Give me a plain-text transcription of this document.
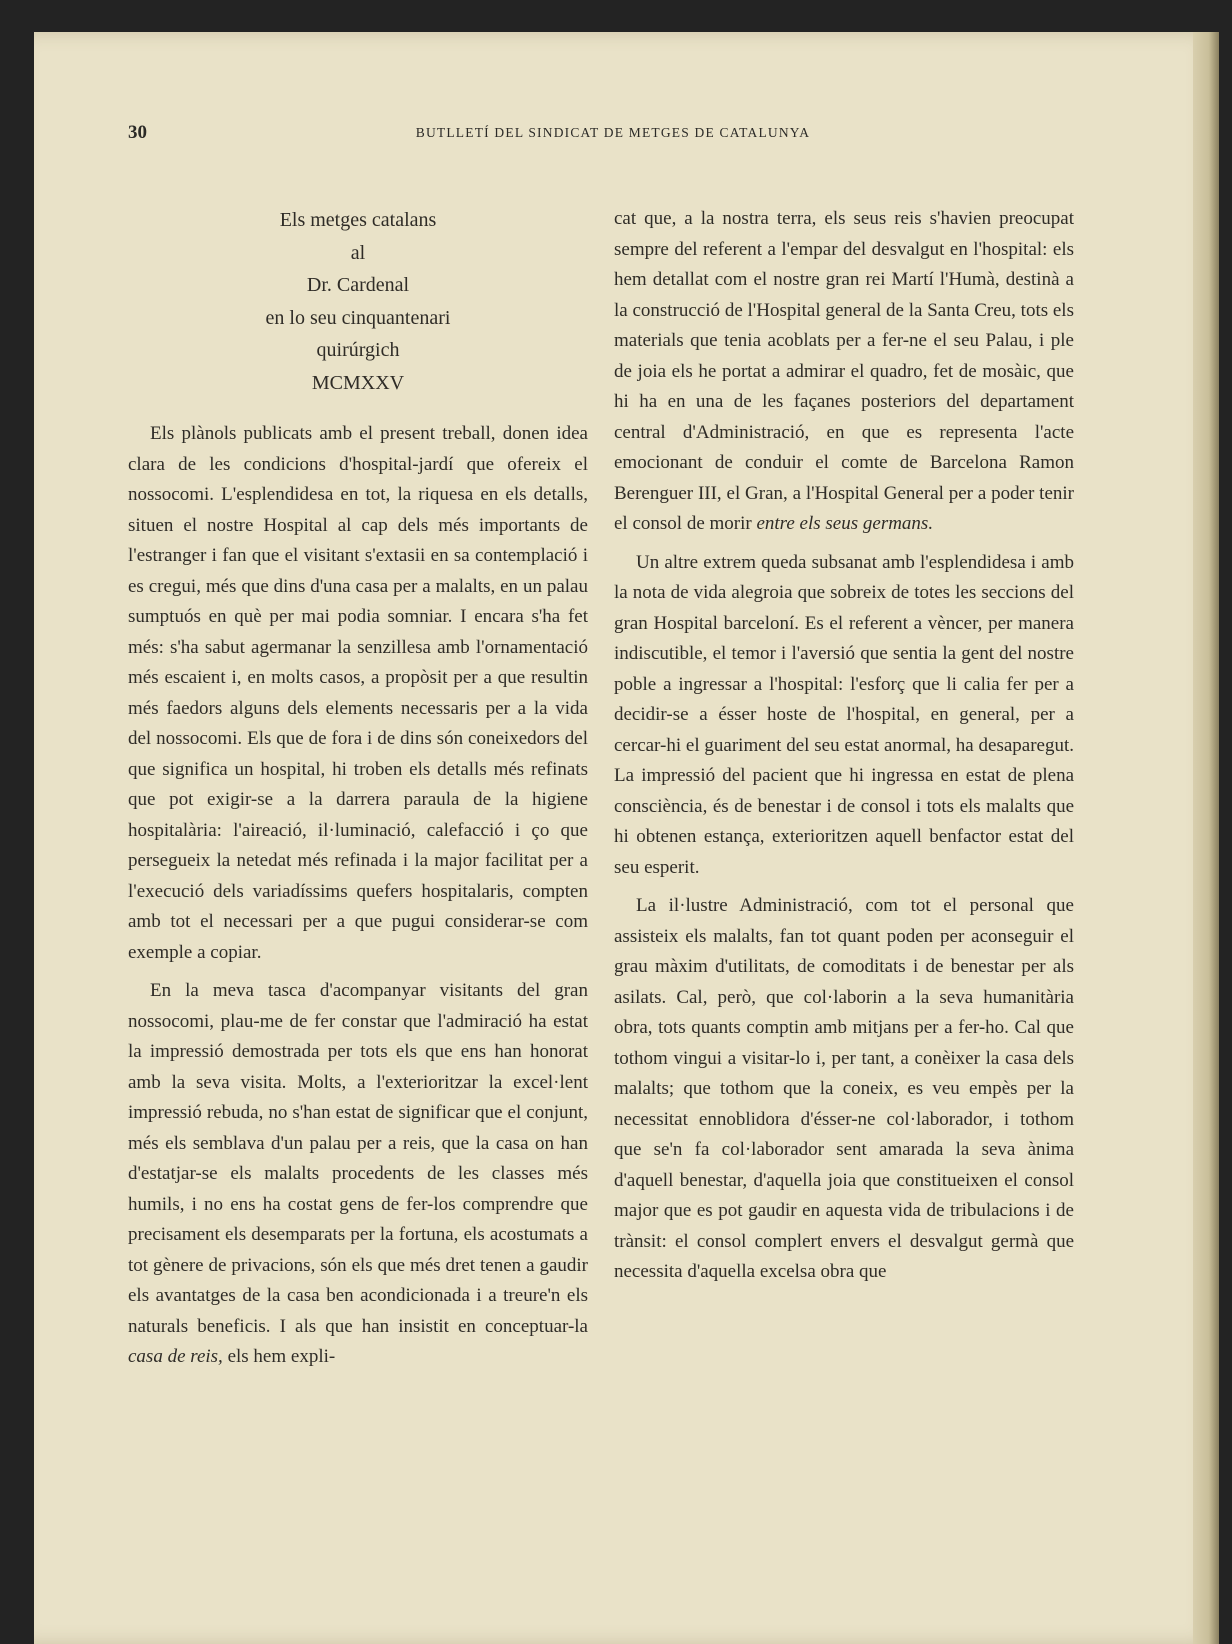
30	BUTLLETÍ DEL SINDICAT DE METGES DE CATALUNYA
Els metges catalans
al
Dr. Cardenal
en lo seu cinquantenari
quirúrgich
MCMXXV

Els plànols publicats amb el present treball, donen idea clara de les condicions d'hospital-jardí que ofereix el nossocomi. L'esplendidesa en tot, la riquesa en els detalls, situen el nostre Hospital al cap dels més importants de l'estranger i fan que el visitant s'extasii en sa contemplació i es cregui, més que dins d'una casa per a malalts, en un palau sumptuós en què per mai podia somniar. I encara s'ha fet més: s'ha sabut agermanar la senzillesa amb l'ornamentació més escaient i, en molts casos, a propòsit per a que resultin més faedors alguns dels elements necessaris per a la vida del nossocomi. Els que de fora i de dins són coneixedors del que significa un hospital, hi troben els detalls més refinats que pot exigir-se a la darrera paraula de la higiene hospitalària: l'aireació, il·luminació, calefacció i ço que persegueix la netedat més refinada i la major facilitat per a l'execució dels variadíssims quefers hospitalaris, compten amb tot el necessari per a que pugui considerar-se com exemple a copiar.

En la meva tasca d'acompanyar visitants del gran nossocomi, plau-me de fer constar que l'admiració ha estat la impressió demostrada per tots els que ens han honorat amb la seva visita. Molts, a l'exterioritzar la excel·lent impressió rebuda, no s'han estat de significar que el conjunt, més els semblava d'un palau per a reis, que la casa on han d'estatjar-se els malalts procedents de les classes més humils, i no ens ha costat gens de fer-los comprendre que precisament els desemparats per la fortuna, els acostumats a tot gènere de privacions, són els que més dret tenen a gaudir els avantatges de la casa ben acondicionada i a treure'n els naturals beneficis. I als que han insistit en conceptuar-la casa de reis, els hem expli-

cat que, a la nostra terra, els seus reis s'havien preocupat sempre del referent a l'empar del desvalgut en l'hospital: els hem detallat com el nostre gran rei Martí l'Humà, destinà a la construcció de l'Hospital general de la Santa Creu, tots els materials que tenia acoblats per a fer-ne el seu Palau, i ple de joia els he portat a admirar el quadro, fet de mosàic, que hi ha en una de les façanes posteriors del departament central d'Administració, en que es representa l'acte emocionant de conduir el comte de Barcelona Ramon Berenguer III, el Gran, a l'Hospital General per a poder tenir el consol de morir entre els seus germans.

Un altre extrem queda subsanat amb l'esplendidesa i amb la nota de vida alegroia que sobreix de totes les seccions del gran Hospital barceloní. Es el referent a vèncer, per manera indiscutible, el temor i l'aversió que sentia la gent del nostre poble a ingressar a l'hospital: l'esforç que li calia fer per a decidir-se a ésser hoste de l'hospital, en general, per a cercar-hi el guariment del seu estat anormal, ha desaparegut. La impressió del pacient que hi ingressa en estat de plena consciència, és de benestar i de consol i tots els malalts que hi obtenen estança, exterioritzen aquell benfactor estat del seu esperit.

La il·lustre Administració, com tot el personal que assisteix els malalts, fan tot quant poden per aconseguir el grau màxim d'utilitats, de comoditats i de benestar per als asilats. Cal, però, que col·laborin a la seva humanitària obra, tots quants comptin amb mitjans per a fer-ho. Cal que tothom vingui a visitar-lo i, per tant, a conèixer la casa dels malalts; que tothom que la coneix, es veu empès per la necessitat ennoblidora d'ésser-ne col·laborador, i tothom que se'n fa col·laborador sent amarada la seva ànima d'aquell benestar, d'aquella joia que constitueixen el consol major que es pot gaudir en aquesta vida de tribulacions i de trànsit: el consol complert envers el desvalgut germà que necessita d'aquella excelsa obra que
